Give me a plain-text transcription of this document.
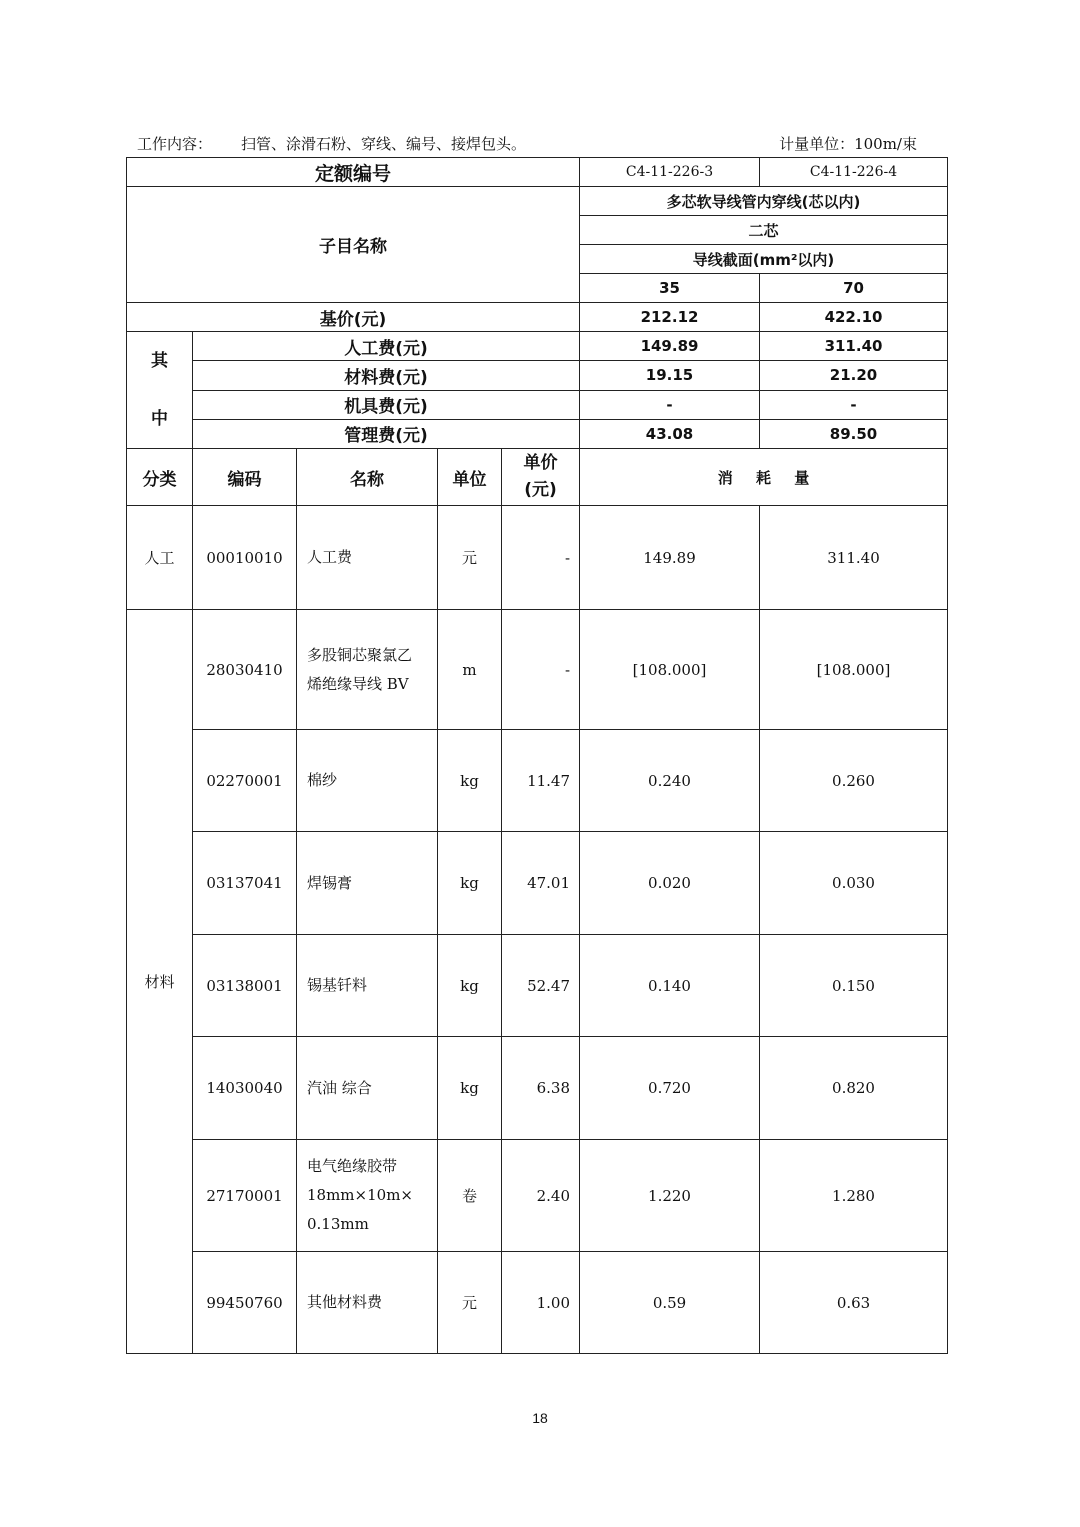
工作内容：	扫管、涂滑石粉、穿线、编号、接焊包头。	计量单位：100m/束
定额编号					C4-11-226-3	C4-11-226-4
子目名称					多芯软导线管内穿线(芯以内)	
					二芯	
					导线截面(mm²以内)	
					35	70
基价(元)					212.12	422.10

其
中	人工费(元)				149.89	311.40
	材料费(元)				19.15	21.20
	机具费(元)				-	-
	管理费(元)				43.08	89.50
分类	编码	名称	单位	单价
(元)	消 耗 量	
人工	00010010	人工费	元	-	149.89	311.40
材料	28030410	多股铜芯聚氯乙
烯绝缘导线 BV	m	-	[108.000]	[108.000]
	02270001	棉纱	kg	11.47	0.240	0.260
	03137041	焊锡膏	kg	47.01	0.020	0.030
	03138001	锡基钎料	kg	52.47	0.140	0.150
	14030040	汽油 综合	kg	6.38	0.720	0.820
	27170001	电气绝缘胶带
18mm×10m×
0.13mm	卷	2.40	1.220	1.280
	99450760	其他材料费	元	1.00	0.59	0.63
18
